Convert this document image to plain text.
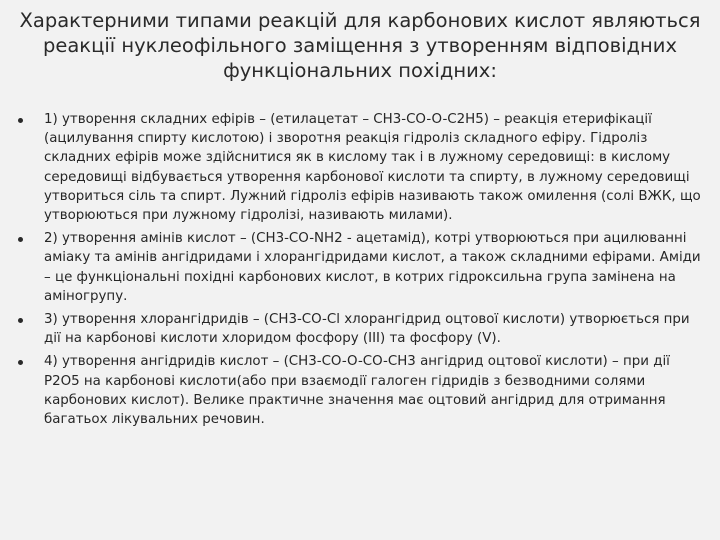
Характерними типами реакцій для карбонових кислот являються
реакції нуклеофільного заміщення з утворенням відповідних
функціональних похідних:
1) утворення складних ефірів – (етилацетат – CH3-CO-O-C2H5) – реакція етерифікації (ацилування спирту кислотою) і зворотня реакція гідроліз складного ефіру. Гідроліз складних ефірів може здійснитися як в кислому так і в лужному середовищі: в кислому середовищі відбувається утворення карбонової кислоти та спирту, в лужному середовищі утвориться сіль та спирт. Лужний гідроліз ефірів називають також омилення (солі ВЖК, що утворюються при лужному гідролізі, називають милами).
2) утворення амінів кислот – (CH3-CO-NH2 - ацетамід), котрі утворюються при ацилюванні аміаку та амінів ангідридами і хлорангідридами кислот, а також складними ефірами. Аміди – це функціональні похідні карбонових кислот, в котрих гідроксильна група замінена на аміногрупу.
3) утворення хлорангідридів – (CH3-CO-Cl хлорангідрид оцтової кислоти) утворюється при дії на карбонові кислоти хлоридом фосфору (III) та фосфору (V).
4) утворення ангідридів кислот – (CH3-CO-O-CO-CH3 ангідрид оцтової кислоти) – при дії P2O5 на карбонові кислоти(або при взаємодії галоген гідридів з безводними солями карбонових кислот). Велике практичне значення має оцтовий ангідрид для отримання багатьох лікувальних речовин.
